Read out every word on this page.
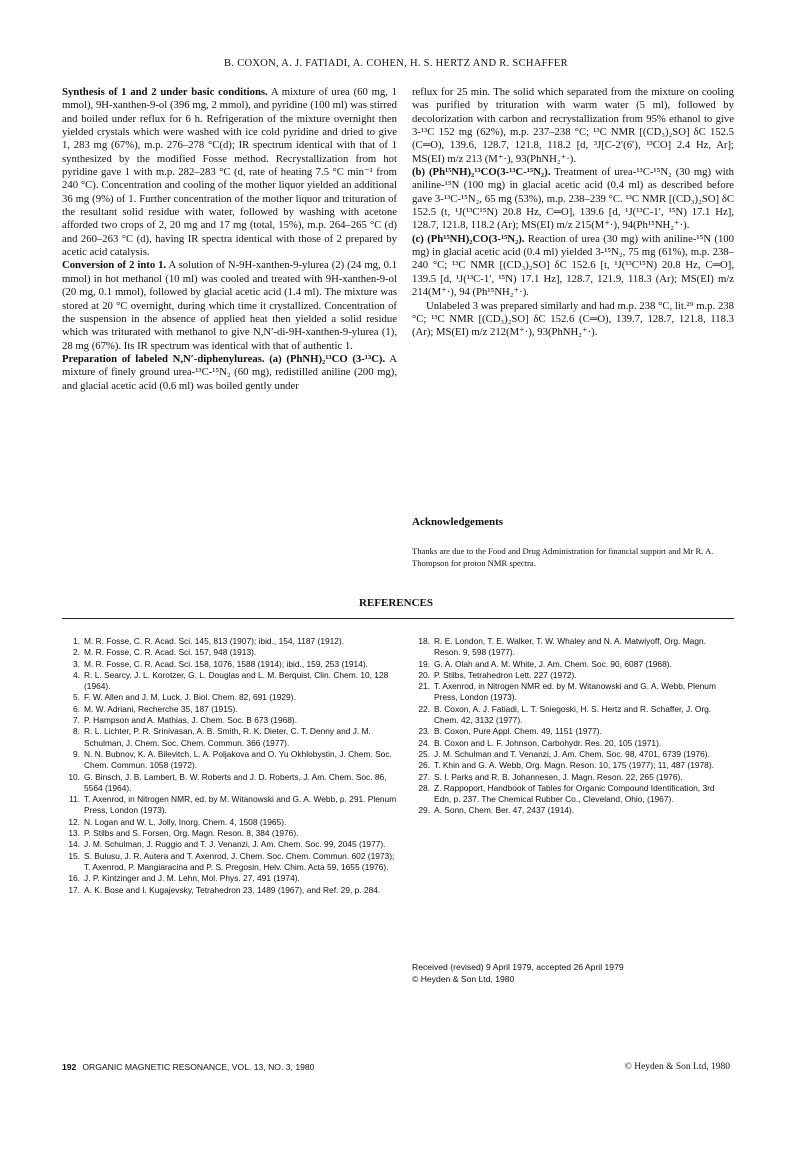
B. COXON, A. J. FATIADI, A. COHEN, H. S. HERTZ AND R. SCHAFFER

Synthesis of 1 and 2 under basic conditions. A mixture of urea (60 mg, 1 mmol), 9H-xanthen-9-ol (396 mg, 2 mmol), and pyridine (100 ml) was stirred and boiled under reflux for 6 h. Refrigeration of the mixture overnight then yielded crystals which were washed with ice cold pyridine and dried to give 1, 283 mg (67%), m.p. 276–278 °C(d); IR spectrum identical with that of 1 synthesized by the modified Fosse method. Recrystallization from hot pyridine gave 1 with m.p. 282–283 °C (d, rate of heating 7.5 °C min⁻¹ from 240 °C). Concentration and cooling of the mother liquor yielded an additional 36 mg (9%) of 1. Further concentration of the mother liquor and trituration of the resultant solid residue with water, followed by washing with acetone afforded two crops of 2, 20 mg and 17 mg (total, 15%), m.p. 264–265 °C (d) and 260–263 °C (d), having IR spectra identical with those of 2 prepared by acetic acid catalysis.

Conversion of 2 into 1. A solution of N-9H-xanthen-9-ylurea (2) (24 mg, 0.1 mmol) in hot methanol (10 ml) was cooled and treated with 9H-xanthen-9-ol (20 mg, 0.1 mmol), followed by glacial acetic acid (1.4 ml). The mixture was stored at 20 °C overnight, during which time it crystallized. Concentration of the suspension in the absence of applied heat then yielded a solid residue which was triturated with methanol to give N,N′-di-9H-xanthen-9-ylurea (1), 28 mg (67%). Its IR spectrum was identical with that of authentic 1.

Preparation of labeled N,N′-diphenylureas. (a) (PhNH)₂¹³CO (3-¹³C). A mixture of finely ground urea-¹³C-¹⁵N₂ (60 mg), redistilled aniline (200 mg), and glacial acetic acid (0.6 ml) was boiled gently under

reflux for 25 min. The solid which separated from the mixture on cooling was purified by trituration with warm water (5 ml), followed by decolorization with carbon and recrystallization from 95% ethanol to give 3-¹³C 152 mg (62%), m.p. 237–238 °C; ¹³C NMR [(CD₃)₂SO] δC 152.5 (C═O), 139.6, 128.7, 121.8, 118.2 [d, ³J[C-2′(6′), ¹³CO] 2.4 Hz, Ar]; MS(EI) m/z 213 (M⁺·), 93(PhNH₂⁺·).

(b) (Ph¹⁵NH)₂¹³CO(3-¹³C-¹⁵N₂). Treatment of urea-¹³C-¹⁵N₂ (30 mg) with aniline-¹⁵N (100 mg) in glacial acetic acid (0.4 ml) as described before gave 3-¹³C-¹⁵N₂, 65 mg (53%), m.p. 238–239 °C. ¹³C NMR [(CD₃)₂SO] δC 152.5 (t, ¹J(¹³C¹⁵N) 20.8 Hz, C═O], 139.6 [d, ¹J(¹³C-1′, ¹⁵N) 17.1 Hz], 128.7, 121.8, 118.2 (Ar); MS(EI) m/z 215(M⁺·), 94(Ph¹⁵NH₂⁺·).

(c) (Ph¹⁵NH)₂CO(3-¹⁵N₂). Reaction of urea (30 mg) with aniline-¹⁵N (100 mg) in glacial acetic acid (0.4 ml) yielded 3-¹⁵N₂, 75 mg (61%), m.p. 238–240 °C; ¹³C NMR [(CD₃)₂SO] δC 152.6 [t, ¹J(¹³C¹⁵N) 20.8 Hz, C═O], 139.5 [d, ¹J(¹³C-1′, ¹⁵N) 17.1 Hz], 128.7, 121.9, 118.3 (Ar); MS(EI) m/z 214(M⁺·), 94 (Ph¹⁵NH₂⁺·).

Unlabeled 3 was prepared similarly and had m.p. 238 °C, lit.²⁹ m.p. 238 °C; ¹³C NMR [(CD₃)₂SO] δC 152.6 (C═O), 139.7, 128.7, 121.8, 118.3 (Ar); MS(EI) m/z 212(M⁺·), 93(PhNH₂⁺·).

Acknowledgements
Thanks are due to the Food and Drug Administration for financial support and Mr R. A. Thompson for proton NMR spectra.
REFERENCES
1. M. R. Fosse, C. R. Acad. Sci. 145, 813 (1907); ibid., 154, 1187 (1912).
2. M. R. Fosse, C. R. Acad. Sci. 157, 948 (1913).
3. M. R. Fosse, C. R. Acad. Sci. 158, 1076, 1588 (1914); ibid., 159, 253 (1914).
4. R. L. Searcy, J. L. Korotzer, G. L. Douglas and L. M. Berquist, Clin. Chem. 10, 128 (1964).
5. F. W. Allen and J. M. Luck, J. Biol. Chem. 82, 691 (1929).
6. M. W. Adriani, Recherche 35, 187 (1915).
7. P. Hampson and A. Mathias, J. Chem. Soc. B 673 (1968).
8. R. L. Lichter, P. R. Srinivasan, A. B. Smith, R. K. Dieter, C. T. Denny and J. M. Schulman, J. Chem. Soc. Chem. Commun. 366 (1977).
9. N. N. Bubnov, K. A. Bilevitch, L. A. Poljakova and O. Yu Okhlobystin, J. Chem. Soc. Chem. Commun. 1058 (1972).
10. G. Binsch, J. B. Lambert, B. W. Roberts and J. D. Roberts, J. Am. Chem. Soc. 86, 5564 (1964).
11. T. Axenrod, in Nitrogen NMR, ed. by M. Witanowski and G. A. Webb, p. 291. Plenum Press, London (1973).
12. N. Logan and W. L. Jolly, Inorg. Chem. 4, 1508 (1965).
13. P. Stilbs and S. Forsen, Org. Magn. Reson. 8, 384 (1976).
14. J. M. Schulman, J. Ruggio and T. J. Venanzi, J. Am. Chem. Soc. 99, 2045 (1977).
15. S. Bulusu, J. R. Autera and T. Axenrod, J. Chem. Soc. Chem. Commun. 602 (1973); T. Axenrod, P. Mangiaracina and P. S. Pregosin, Helv. Chim. Acta 59, 1655 (1976).
16. J. P. Kintzinger and J. M. Lehn, Mol. Phys. 27, 491 (1974).
17. A. K. Bose and I. Kugajevsky, Tetrahedron 23, 1489 (1967), and Ref. 29, p. 284.
18. R. E. London, T. E. Walker, T. W. Whaley and N. A. Matwiyoff, Org. Magn. Reson. 9, 598 (1977).
19. G. A. Olah and A. M. White, J. Am. Chem. Soc. 90, 6087 (1968).
20. P. Stilbs, Tetrahedron Lett. 227 (1972).
21. T. Axenrod, in Nitrogen NMR ed. by M. Witanowski and G. A. Webb, Plenum Press, London (1973).
22. B. Coxon, A. J. Fatiadi, L. T. Sniegoski, H. S. Hertz and R. Schaffer, J. Org. Chem. 42, 3132 (1977).
23. B. Coxon, Pure Appl. Chem. 49, 1151 (1977).
24. B. Coxon and L. F. Johnson, Carbohydr. Res. 20, 105 (1971).
25. J. M. Schulman and T. Venanzi, J. Am. Chem. Soc. 98, 4701, 6739 (1976).
26. T. Khin and G. A. Webb, Org. Magn. Reson. 10, 175 (1977); 11, 487 (1978).
27. S. I. Parks and R. B. Johannesen, J. Magn. Reson. 22, 265 (1976).
28. Z. Rappoport, Handbook of Tables for Organic Compound Identification, 3rd Edn, p. 237. The Chemical Rubber Co., Cleveland, Ohio, (1967).
29. A. Sonn, Chem. Ber. 47, 2437 (1914).
Received (revised) 9 April 1979, accepted 26 April 1979
© Heyden & Son Ltd, 1980
192 ORGANIC MAGNETIC RESONANCE, VOL. 13, NO. 3, 1980	© Heyden & Son Ltd, 1980
